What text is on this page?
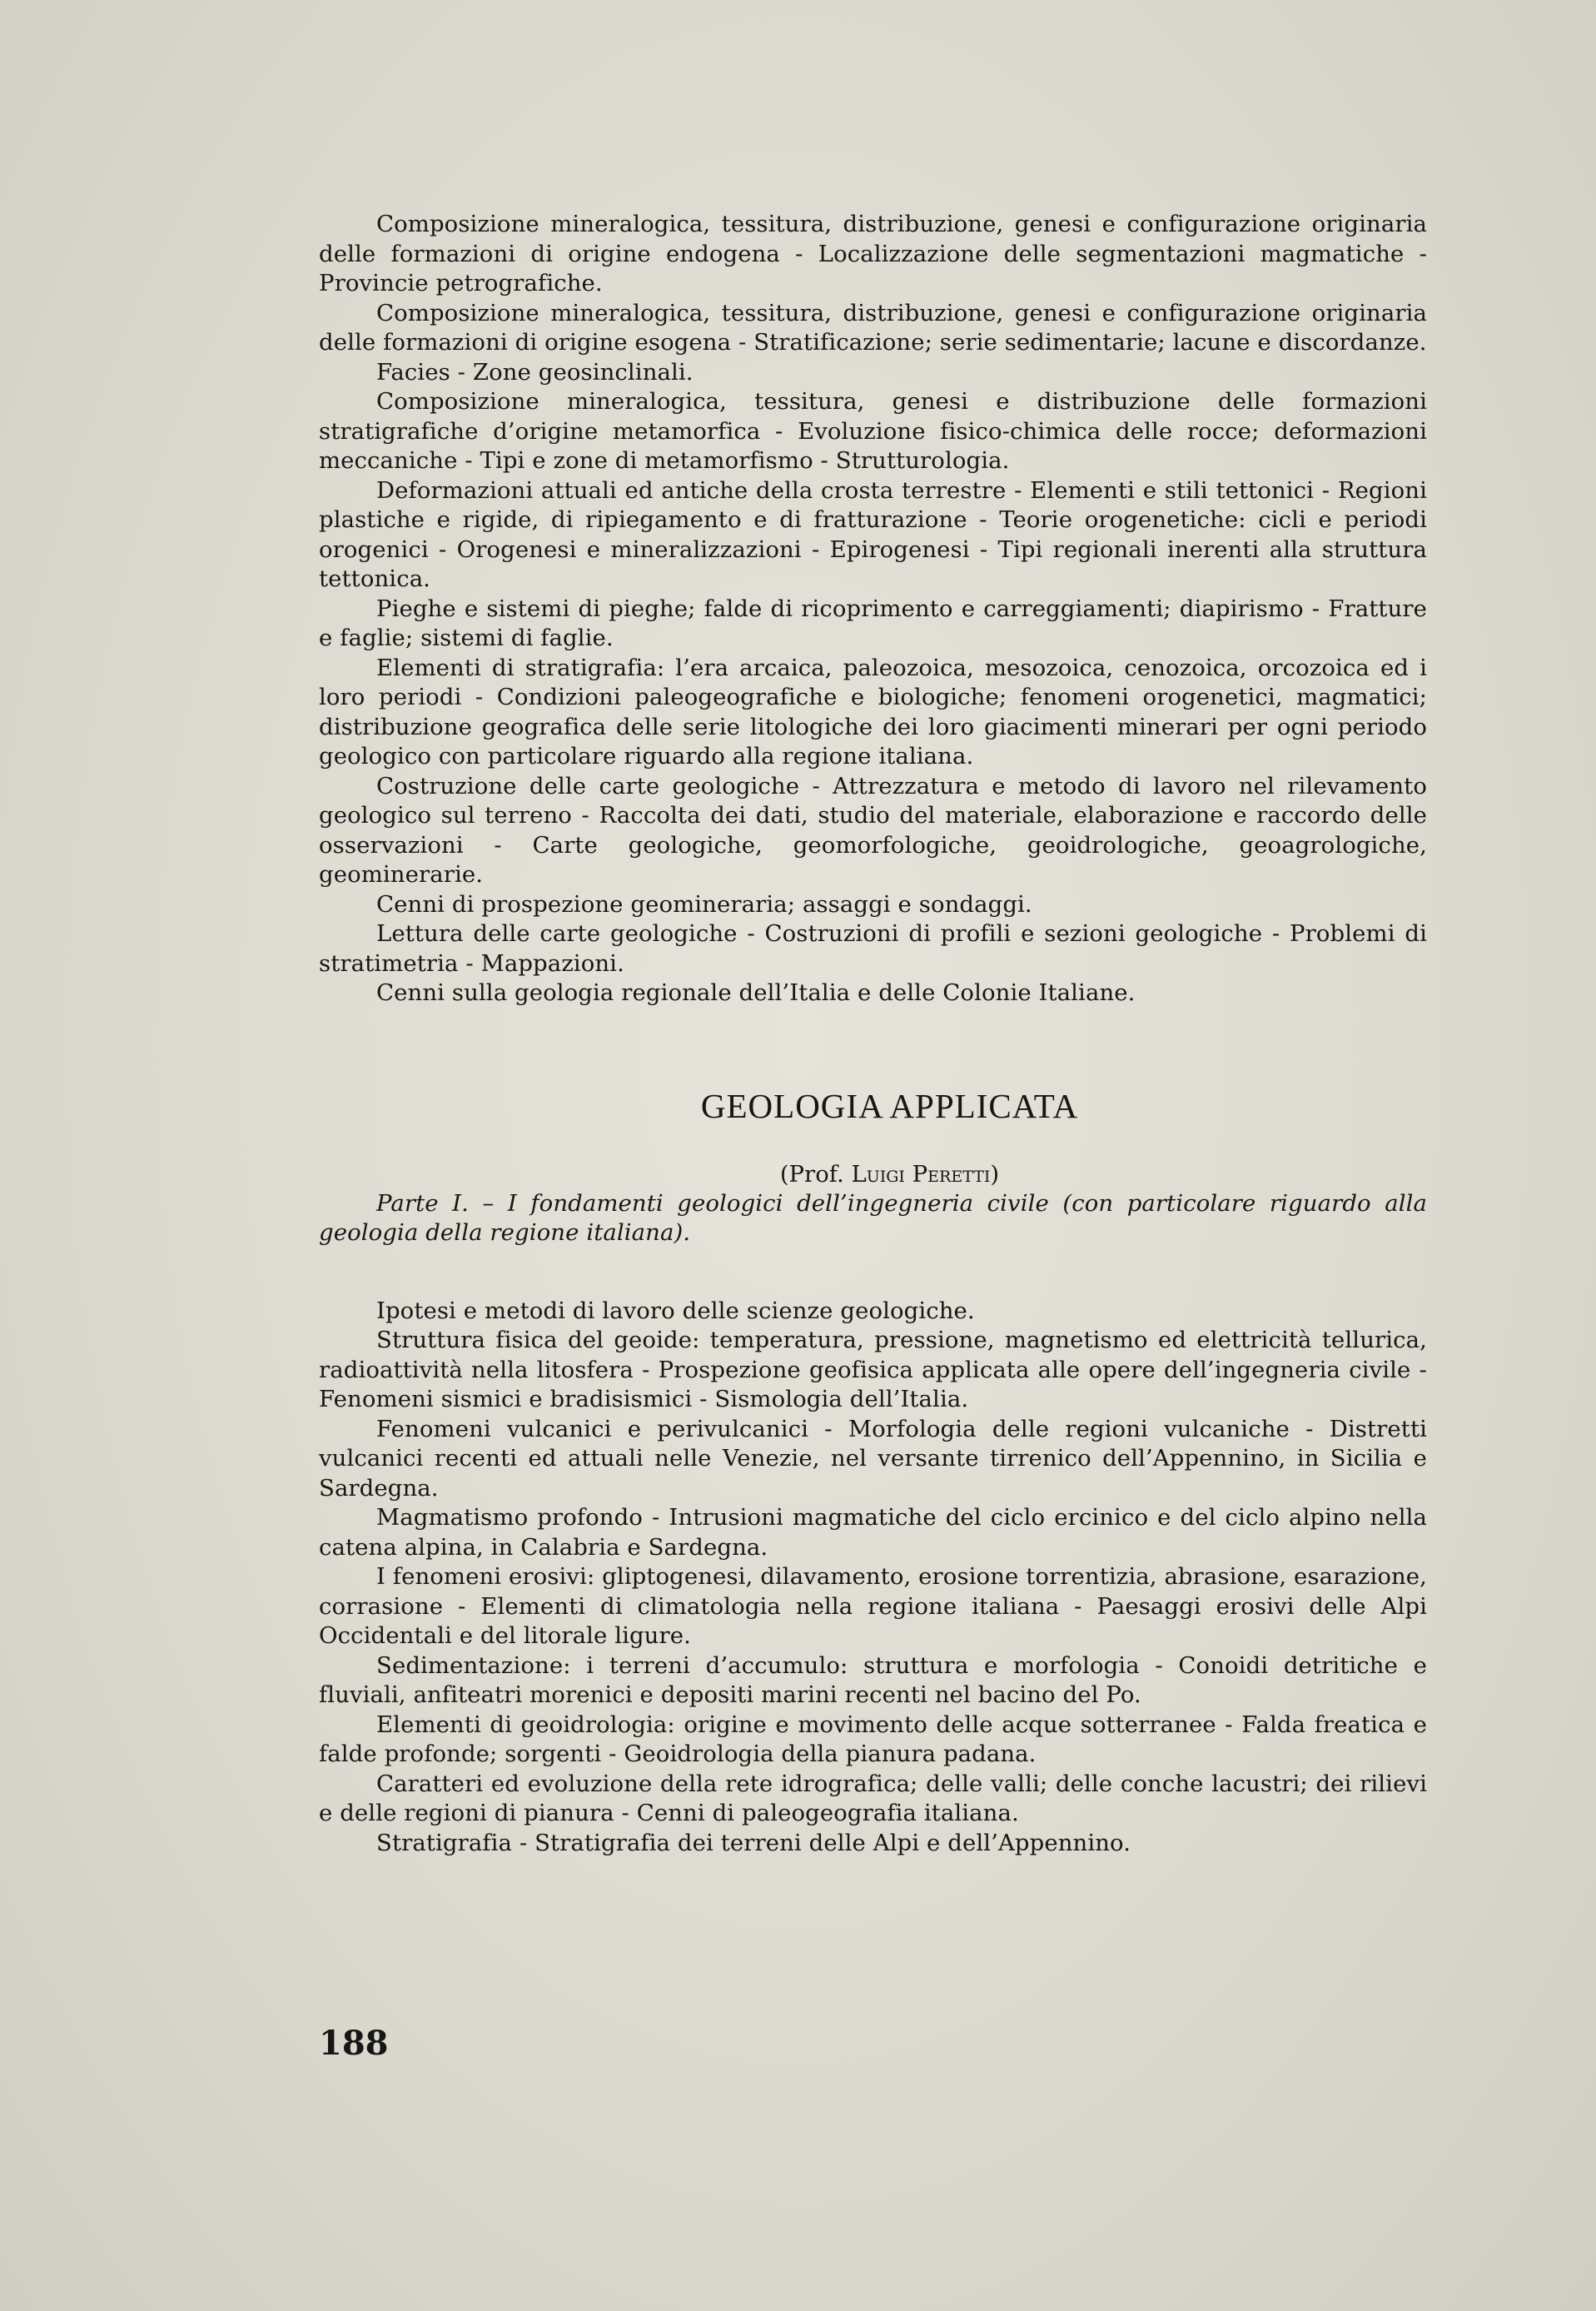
Composizione mineralogica, tessitura, distribuzione, genesi e configurazione originaria delle formazioni di origine endogena - Localizzazione delle segmentazioni magmatiche - Provincie petrografiche.

Composizione mineralogica, tessitura, distribuzione, genesi e configurazione originaria delle formazioni di origine esogena - Stratificazione; serie sedimentarie; lacune e discordanze.

Facies - Zone geosinclinali.

Composizione mineralogica, tessitura, genesi e distribuzione delle formazioni stratigrafiche d’origine metamorfica - Evoluzione fisico-chimica delle rocce; deformazioni meccaniche - Tipi e zone di metamorfismo - Strutturologia.

Deformazioni attuali ed antiche della crosta terrestre - Elementi e stili tettonici - Regioni plastiche e rigide, di ripiegamento e di fratturazione - Teorie orogenetiche: cicli e periodi orogenici - Orogenesi e mineralizzazioni - Epirogenesi - Tipi regionali inerenti alla struttura tettonica.

Pieghe e sistemi di pieghe; falde di ricoprimento e carreggiamenti; diapirismo - Fratture e faglie; sistemi di faglie.

Elementi di stratigrafia: l’era arcaica, paleozoica, mesozoica, cenozoica, orcozoica ed i loro periodi - Condizioni paleogeografiche e biologiche; fenomeni orogenetici, magmatici; distribuzione geografica delle serie litologiche dei loro giacimenti minerari per ogni periodo geologico con particolare riguardo alla regione italiana.

Costruzione delle carte geologiche - Attrezzatura e metodo di lavoro nel rilevamento geologico sul terreno - Raccolta dei dati, studio del materiale, elaborazione e raccordo delle osservazioni - Carte geologiche, geomorfologiche, geoidrologiche, geoagrologiche, geominerarie.

Cenni di prospezione geomineraria; assaggi e sondaggi.

Lettura delle carte geologiche - Costruzioni di profili e sezioni geologiche - Problemi di stratimetria - Mappazioni.

Cenni sulla geologia regionale dell’Italia e delle Colonie Italiane.

GEOLOGIA APPLICATA
(Prof. Luigi Peretti)

Parte I. – I fondamenti geologici dell’ingegneria civile (con particolare riguardo alla geologia della regione italiana).

Ipotesi e metodi di lavoro delle scienze geologiche.

Struttura fisica del geoide: temperatura, pressione, magnetismo ed elettricità tellurica, radioattività nella litosfera - Prospezione geofisica applicata alle opere dell’ingegneria civile - Fenomeni sismici e bradisismici - Sismologia dell’Italia.

Fenomeni vulcanici e perivulcanici - Morfologia delle regioni vulcaniche - Distretti vulcanici recenti ed attuali nelle Venezie, nel versante tirrenico dell’Appennino, in Sicilia e Sardegna.

Magmatismo profondo - Intrusioni magmatiche del ciclo ercinico e del ciclo alpino nella catena alpina, in Calabria e Sardegna.

I fenomeni erosivi: gliptogenesi, dilavamento, erosione torrentizia, abrasione, esarazione, corrasione - Elementi di climatologia nella regione italiana - Paesaggi erosivi delle Alpi Occidentali e del litorale ligure.

Sedimentazione: i terreni d’accumulo: struttura e morfologia - Conoidi detritiche e fluviali, anfiteatri morenici e depositi marini recenti nel bacino del Po.

Elementi di geoidrologia: origine e movimento delle acque sotterranee - Falda freatica e falde profonde; sorgenti - Geoidrologia della pianura padana.

Caratteri ed evoluzione della rete idrografica; delle valli; delle conche lacustri; dei rilievi e delle regioni di pianura - Cenni di paleogeografia italiana.

Stratigrafia - Stratigrafia dei terreni delle Alpi e dell’Appennino.

188
